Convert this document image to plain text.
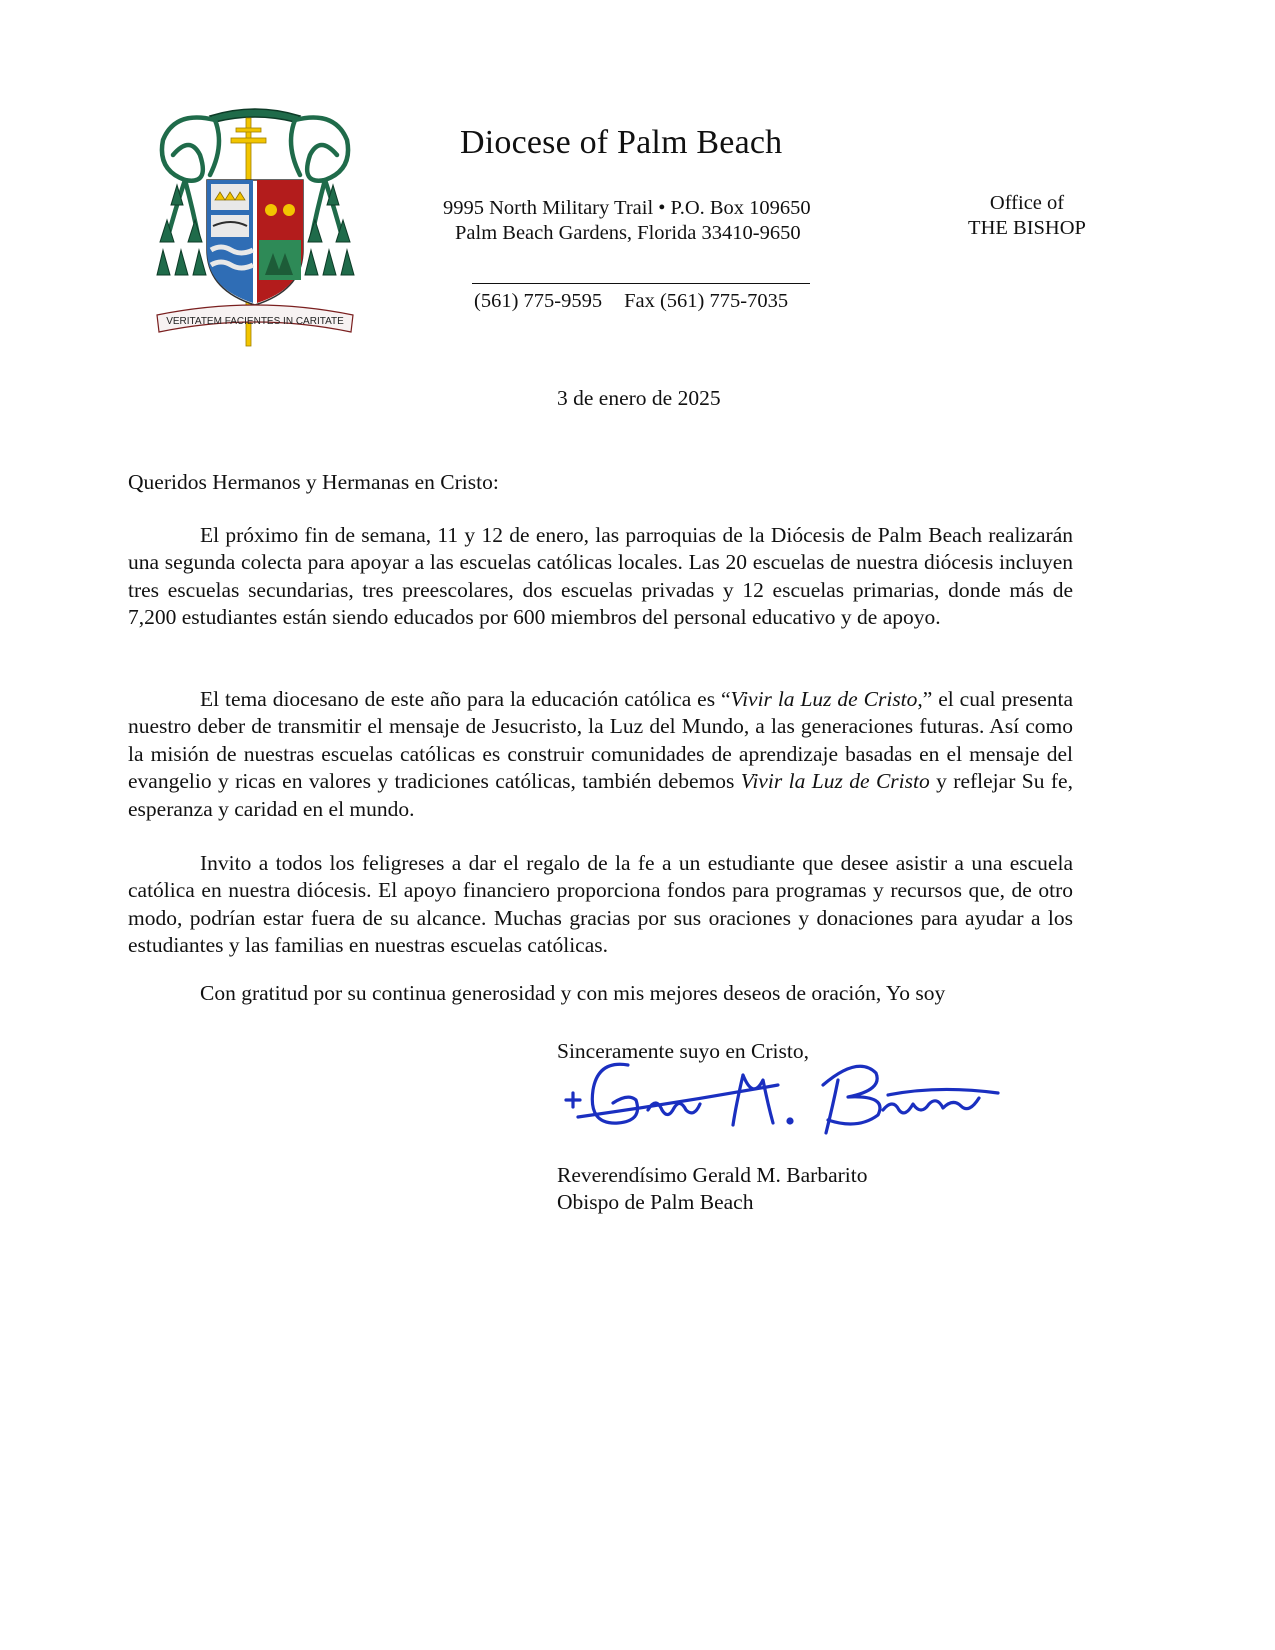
VERITATEM FACIENTES IN CARITATE
Diocese of Palm Beach
9995 North Military Trail • P.O. Box 109650
Palm Beach Gardens, Florida 33410-9650
Office of
THE BISHOP
(561) 775-9595 Fax (561) 775-7035
3 de enero de 2025
Queridos Hermanos y Hermanas en Cristo:
El próximo fin de semana, 11 y 12 de enero, las parroquias de la Diócesis de Palm Beach realizarán una segunda colecta para apoyar a las escuelas católicas locales. Las 20 escuelas de nuestra diócesis incluyen tres escuelas secundarias, tres preescolares, dos escuelas privadas y 12 escuelas primarias, donde más de 7,200 estudiantes están siendo educados por 600 miembros del personal educativo y de apoyo.
El tema diocesano de este año para la educación católica es “Vivir la Luz de Cristo,” el cual presenta nuestro deber de transmitir el mensaje de Jesucristo, la Luz del Mundo, a las generaciones futuras. Así como la misión de nuestras escuelas católicas es construir comunidades de aprendizaje basadas en el mensaje del evangelio y ricas en valores y tradiciones católicas, también debemos Vivir la Luz de Cristo y reflejar Su fe, esperanza y caridad en el mundo.
Invito a todos los feligreses a dar el regalo de la fe a un estudiante que desee asistir a una escuela católica en nuestra diócesis. El apoyo financiero proporciona fondos para programas y recursos que, de otro modo, podrían estar fuera de su alcance. Muchas gracias por sus oraciones y donaciones para ayudar a los estudiantes y las familias en nuestras escuelas católicas.
Con gratitud por su continua generosidad y con mis mejores deseos de oración, Yo soy
Sinceramente suyo en Cristo,
Reverendísimo Gerald M. Barbarito
Obispo de Palm Beach
